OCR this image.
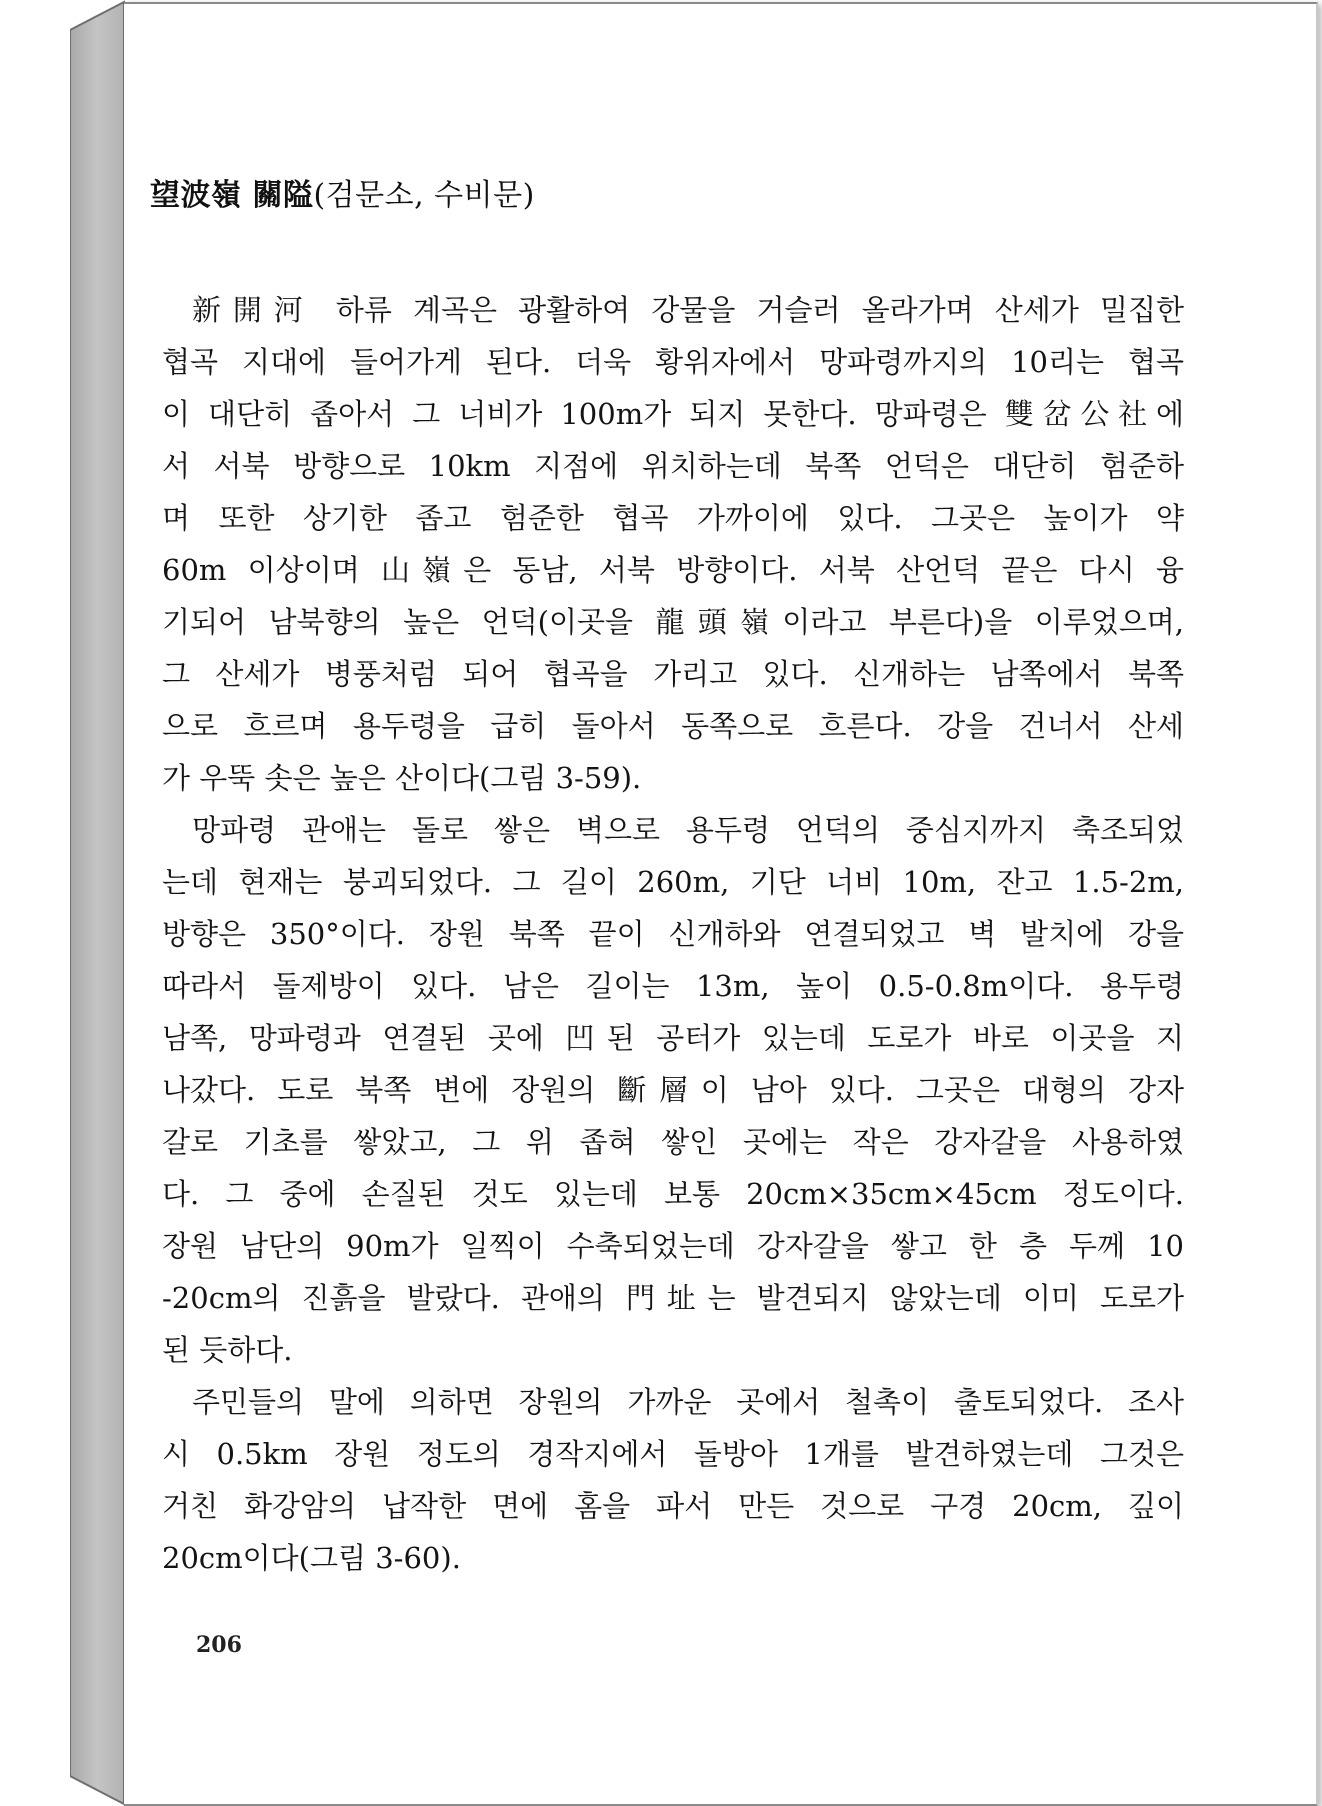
望波嶺 關隘(검문소, 수비문)
新開河 하류 계곡은 광활하여 강물을 거슬러 올라가며 산세가 밀집한
협곡 지대에 들어가게 된다. 더욱 황위자에서 망파령까지의 10리는 협곡
이 대단히 좁아서 그 너비가 100m가 되지 못한다. 망파령은 雙岔公社에
서 서북 방향으로 10km 지점에 위치하는데 북쪽 언덕은 대단히 험준하
며 또한 상기한 좁고 험준한 협곡 가까이에 있다. 그곳은 높이가 약
60m 이상이며 山嶺은 동남, 서북 방향이다. 서북 산언덕 끝은 다시 융
기되어 남북향의 높은 언덕(이곳을 龍頭嶺이라고 부른다)을 이루었으며,
그 산세가 병풍처럼 되어 협곡을 가리고 있다. 신개하는 남쪽에서 북쪽
으로 흐르며 용두령을 급히 돌아서 동쪽으로 흐른다. 강을 건너서 산세
가 우뚝 솟은 높은 산이다(그림 3-59).
망파령 관애는 돌로 쌓은 벽으로 용두령 언덕의 중심지까지 축조되었
는데 현재는 붕괴되었다. 그 길이 260m, 기단 너비 10m, 잔고 1.5-2m,
방향은 350°이다. 장원 북쪽 끝이 신개하와 연결되었고 벽 발치에 강을
따라서 돌제방이 있다. 남은 길이는 13m, 높이 0.5-0.8m이다. 용두령
남쪽, 망파령과 연결된 곳에 凹된 공터가 있는데 도로가 바로 이곳을 지
나갔다. 도로 북쪽 변에 장원의 斷層이 남아 있다. 그곳은 대형의 강자
갈로 기초를 쌓았고, 그 위 좁혀 쌓인 곳에는 작은 강자갈을 사용하였
다. 그 중에 손질된 것도 있는데 보통 20cm×35cm×45cm 정도이다.
장원 남단의 90m가 일찍이 수축되었는데 강자갈을 쌓고 한 층 두께 10
-20cm의 진흙을 발랐다. 관애의 門址는 발견되지 않았는데 이미 도로가
된 듯하다.
주민들의 말에 의하면 장원의 가까운 곳에서 철촉이 출토되었다. 조사
시 0.5km 장원 정도의 경작지에서 돌방아 1개를 발견하였는데 그것은
거친 화강암의 납작한 면에 홈을 파서 만든 것으로 구경 20cm, 깊이
20cm이다(그림 3-60).
206
